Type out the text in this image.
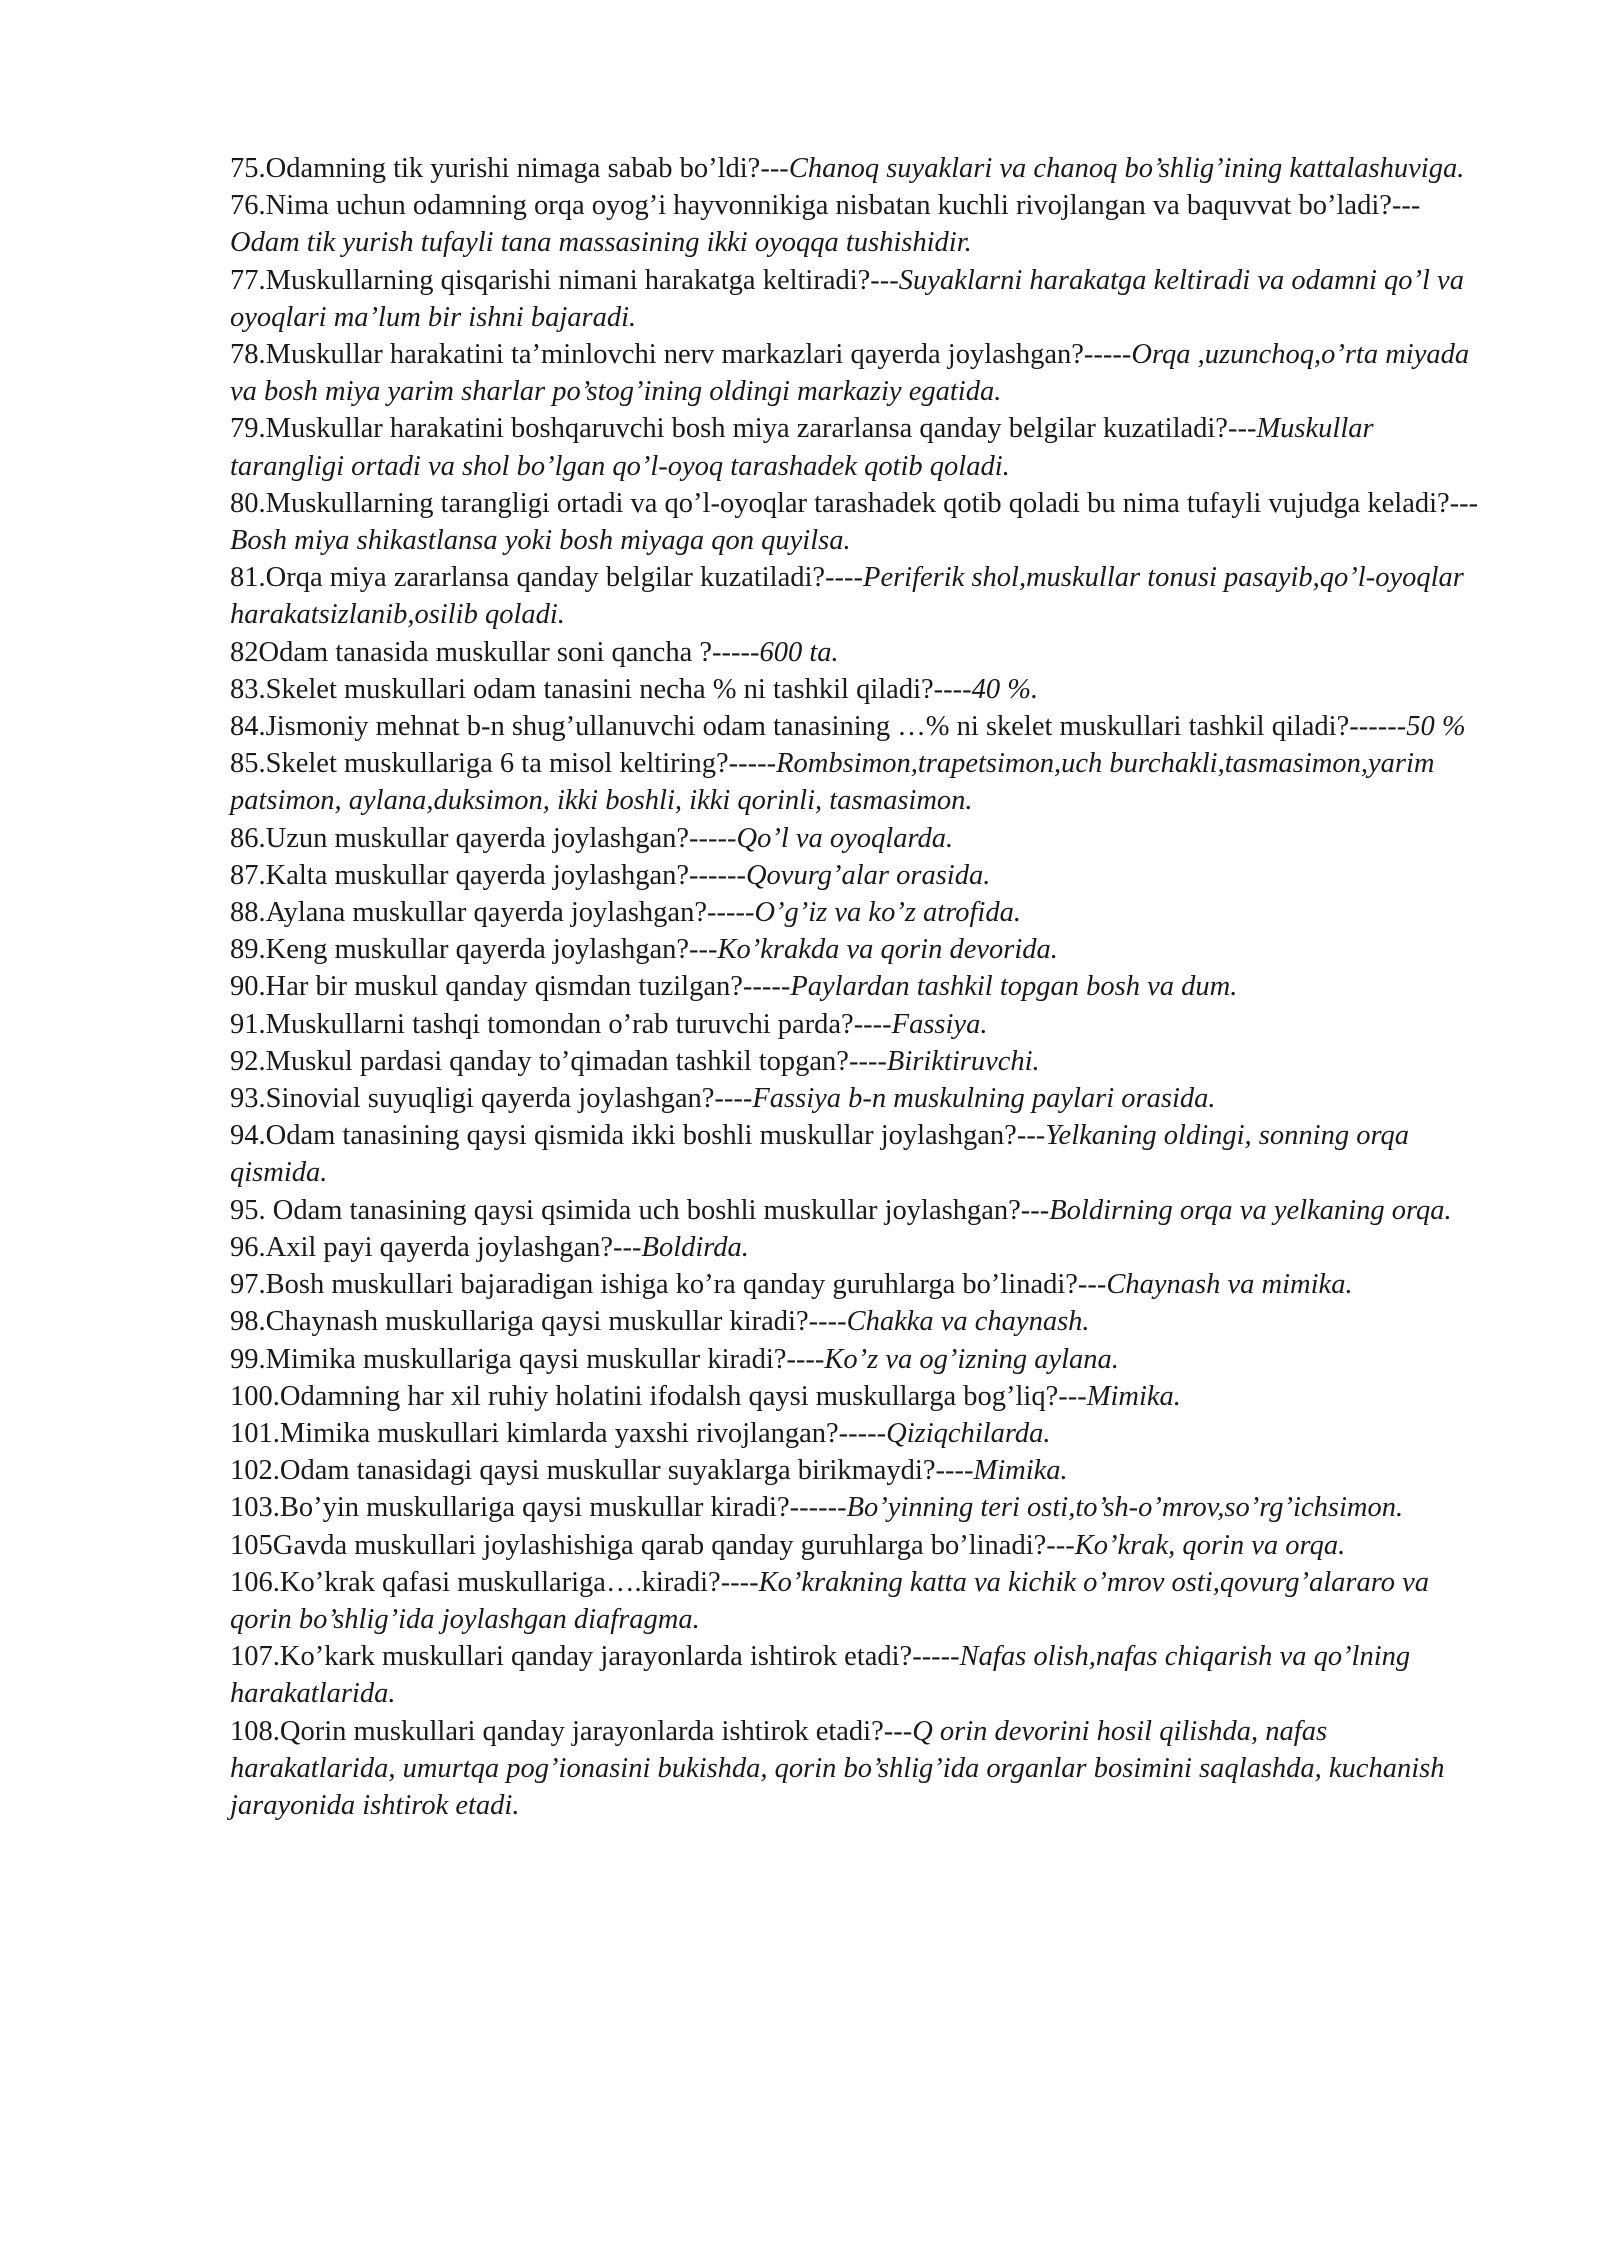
75.Odamning tik yurishi nimaga sabab bo’ldi?---Chanoq suyaklari va chanoq bo’shlig’ining kattalashuviga.

76.Nima uchun odamning orqa oyog’i hayvonnikiga nisbatan kuchli rivojlangan va baquvvat bo’ladi?---Odam tik yurish tufayli tana massasining ikki oyoqqa tushishidir.

77.Muskullarning qisqarishi nimani harakatga keltiradi?---Suyaklarni harakatga keltiradi va odamni qo’l va oyoqlari ma’lum bir ishni bajaradi.

78.Muskullar harakatini ta’minlovchi nerv markazlari qayerda joylashgan?-----Orqa ,uzunchoq,o’rta miyada va bosh miya yarim sharlar po’stog’ining oldingi markaziy egatida.

79.Muskullar harakatini boshqaruvchi bosh miya zararlansa qanday belgilar kuzatiladi?---Muskullar tarangligi ortadi va shol bo’lgan qo’l-oyoq tarashadek qotib qoladi.

80.Muskullarning tarangligi ortadi va qo’l-oyoqlar tarashadek qotib qoladi bu nima tufayli vujudga keladi?---Bosh miya shikastlansa yoki bosh miyaga qon quyilsa.

81.Orqa miya zararlansa qanday belgilar kuzatiladi?----Periferik shol,muskullar tonusi pasayib,qo’l-oyoqlar harakatsizlanib,osilib qoladi.

82Odam tanasida muskullar soni qancha ?-----600 ta.

83.Skelet muskullari odam tanasini necha % ni tashkil qiladi?----40 %.

84.Jismoniy mehnat b-n shug’ullanuvchi odam tanasining …% ni skelet muskullari tashkil qiladi?------50 %

85.Skelet muskullariga 6 ta misol keltiring?-----Rombsimon,trapetsimon,uch burchakli,tasmasimon,yarim patsimon, aylana,duksimon, ikki boshli, ikki qorinli, tasmasimon.

86.Uzun muskullar qayerda joylashgan?-----Qo’l va oyoqlarda.

87.Kalta muskullar qayerda joylashgan?------Qovurg’alar orasida.

88.Aylana muskullar qayerda joylashgan?-----O’g’iz va ko’z atrofida.

89.Keng muskullar qayerda joylashgan?---Ko’krakda va qorin devorida.

90.Har bir muskul qanday qismdan tuzilgan?-----Paylardan tashkil topgan bosh va dum.

91.Muskullarni tashqi tomondan o’rab turuvchi parda?----Fassiya.

92.Muskul pardasi qanday to’qimadan tashkil topgan?----Biriktiruvchi.

93.Sinovial suyuqligi qayerda joylashgan?----Fassiya b-n muskulning paylari orasida.

94.Odam tanasining qaysi qismida ikki boshli muskullar joylashgan?---Yelkaning oldingi, sonning orqa qismida.

95. Odam tanasining qaysi qsimida uch boshli muskullar joylashgan?---Boldirning orqa va yelkaning orqa.

96.Axil payi qayerda joylashgan?---Boldirda.

97.Bosh muskullari bajaradigan ishiga ko’ra qanday guruhlarga bo’linadi?---Chaynash va mimika.

98.Chaynash muskullariga qaysi muskullar kiradi?----Chakka va chaynash.

99.Mimika muskullariga qaysi muskullar kiradi?----Ko’z va og’izning aylana.

100.Odamning har xil ruhiy holatini ifodalsh qaysi muskullarga bog’liq?---Mimika.

101.Mimika muskullari kimlarda yaxshi rivojlangan?-----Qiziqchilarda.

102.Odam tanasidagi qaysi muskullar suyaklarga birikmaydi?----Mimika.

103.Bo’yin muskullariga qaysi muskullar kiradi?------Bo’yinning teri osti,to’sh-o’mrov,so’rg’ichsimon.

105Gavda muskullari joylashishiga qarab qanday guruhlarga bo’linadi?---Ko’krak, qorin va orqa.

106.Ko’krak qafasi muskullariga….kiradi?----Ko’krakning katta va kichik o’mrov osti,qovurg’alararo va qorin bo’shlig’ida joylashgan diafragma.

107.Ko’kark muskullari qanday jarayonlarda ishtirok etadi?-----Nafas olish,nafas chiqarish va qo’lning harakatlarida.

108.Qorin muskullari qanday jarayonlarda ishtirok etadi?---Q orin devorini hosil qilishda, nafas harakatlarida, umurtqa pog’ionasini bukishda, qorin bo’shlig’ida organlar bosimini saqlashda, kuchanish jarayonida ishtirok etadi.
